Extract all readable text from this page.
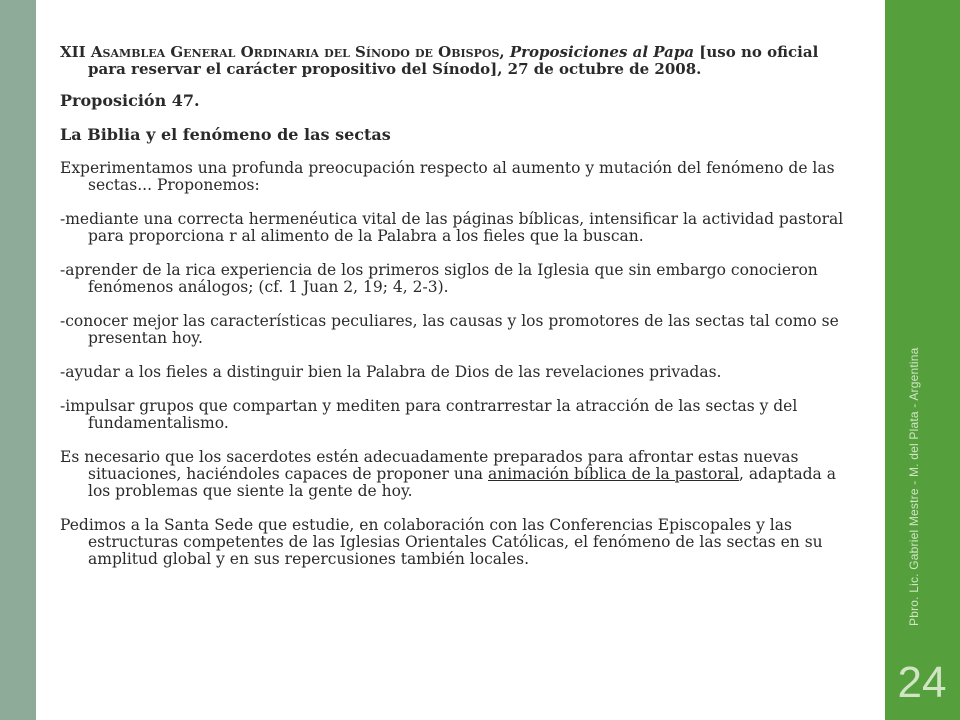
Pbro. Lic. Gabriel Mestre - M. del Plata - Argentina
24

XII Asamblea General Ordinaria del Sínodo de Obispos, Proposiciones al Papa [uso no oficial para reservar el carácter propositivo del Sínodo], 27 de octubre de 2008.

Proposición 47.

La Biblia y el fenómeno de las sectas

Experimentamos una profunda preocupación respecto al aumento y mutación del fenómeno de las sectas... Proponemos:

-mediante una correcta hermenéutica vital de las páginas bíblicas, intensificar la actividad pastoral para proporciona r al alimento de la Palabra a los fieles que la buscan.

-aprender de la rica experiencia de los primeros siglos de la Iglesia que sin embargo conocieron fenómenos análogos; (cf. 1 Juan 2, 19; 4, 2-3).

-conocer mejor las características peculiares, las causas y los promotores de las sectas tal como se presentan hoy.

-ayudar a los fieles a distinguir bien la Palabra de Dios de las revelaciones privadas.

-impulsar grupos que compartan y mediten para contrarrestar la atracción de las sectas y del fundamentalismo.

Es necesario que los sacerdotes estén adecuadamente preparados para afrontar estas nuevas situaciones, haciéndoles capaces de proponer una animación bíblica de la pastoral, adaptada a los problemas que siente la gente de hoy.

Pedimos a la Santa Sede que estudie, en colaboración con las Conferencias Episcopales y las estructuras competentes de las Iglesias Orientales Católicas, el fenómeno de las sectas en su amplitud global y en sus repercusiones también locales.
